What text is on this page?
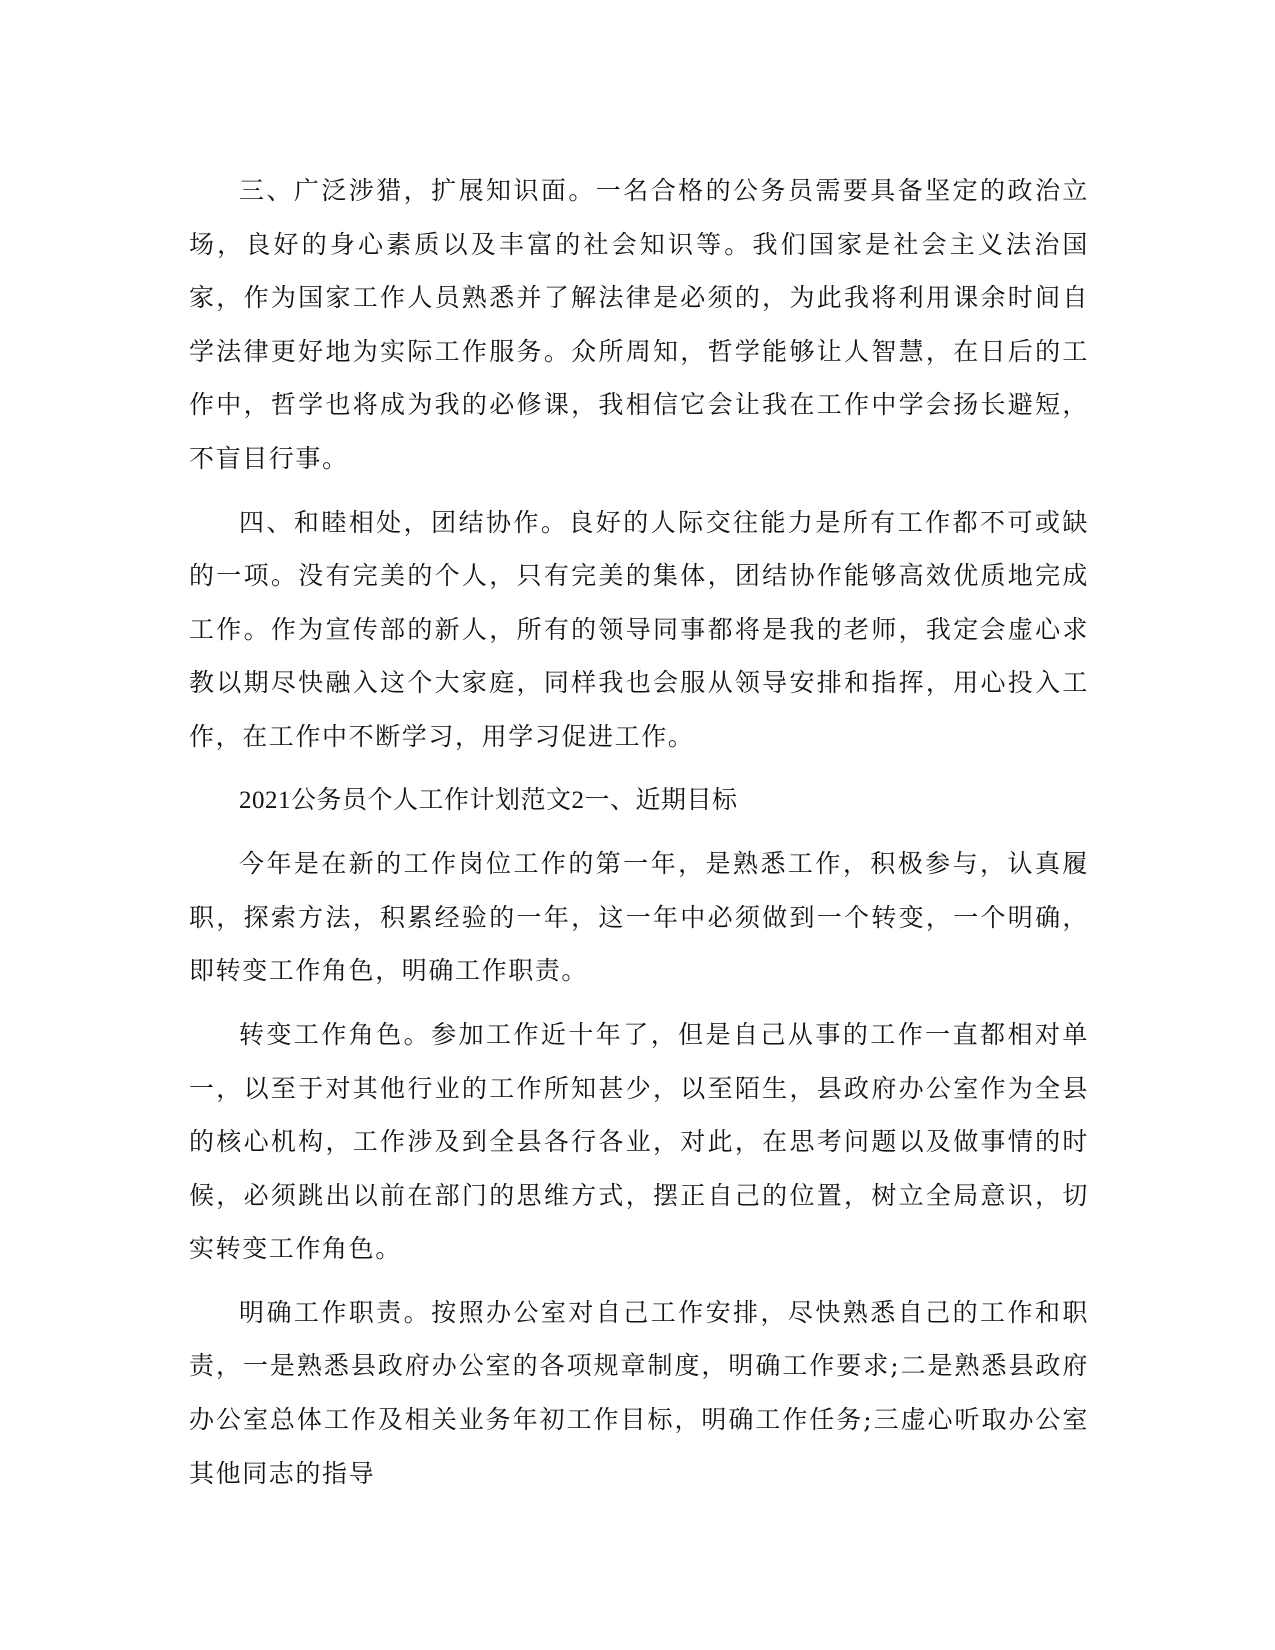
三、广泛涉猎，扩展知识面。一名合格的公务员需要具备坚定的政治立场，良好的身心素质以及丰富的社会知识等。我们国家是社会主义法治国家，作为国家工作人员熟悉并了解法律是必须的，为此我将利用课余时间自学法律更好地为实际工作服务。众所周知，哲学能够让人智慧，在日后的工作中，哲学也将成为我的必修课，我相信它会让我在工作中学会扬长避短，不盲目行事。

四、和睦相处，团结协作。良好的人际交往能力是所有工作都不可或缺的一项。没有完美的个人，只有完美的集体，团结协作能够高效优质地完成工作。作为宣传部的新人，所有的领导同事都将是我的老师，我定会虚心求教以期尽快融入这个大家庭，同样我也会服从领导安排和指挥，用心投入工作，在工作中不断学习，用学习促进工作。

2021公务员个人工作计划范文2一、近期目标

今年是在新的工作岗位工作的第一年，是熟悉工作，积极参与，认真履职，探索方法，积累经验的一年，这一年中必须做到一个转变，一个明确，即转变工作角色，明确工作职责。

转变工作角色。参加工作近十年了，但是自己从事的工作一直都相对单一，以至于对其他行业的工作所知甚少，以至陌生，县政府办公室作为全县的核心机构，工作涉及到全县各行各业，对此，在思考问题以及做事情的时候，必须跳出以前在部门的思维方式，摆正自己的位置，树立全局意识，切实转变工作角色。

明确工作职责。按照办公室对自己工作安排，尽快熟悉自己的工作和职责，一是熟悉县政府办公室的各项规章制度，明确工作要求;二是熟悉县政府办公室总体工作及相关业务年初工作目标，明确工作任务;三虚心听取办公室其他同志的指导
